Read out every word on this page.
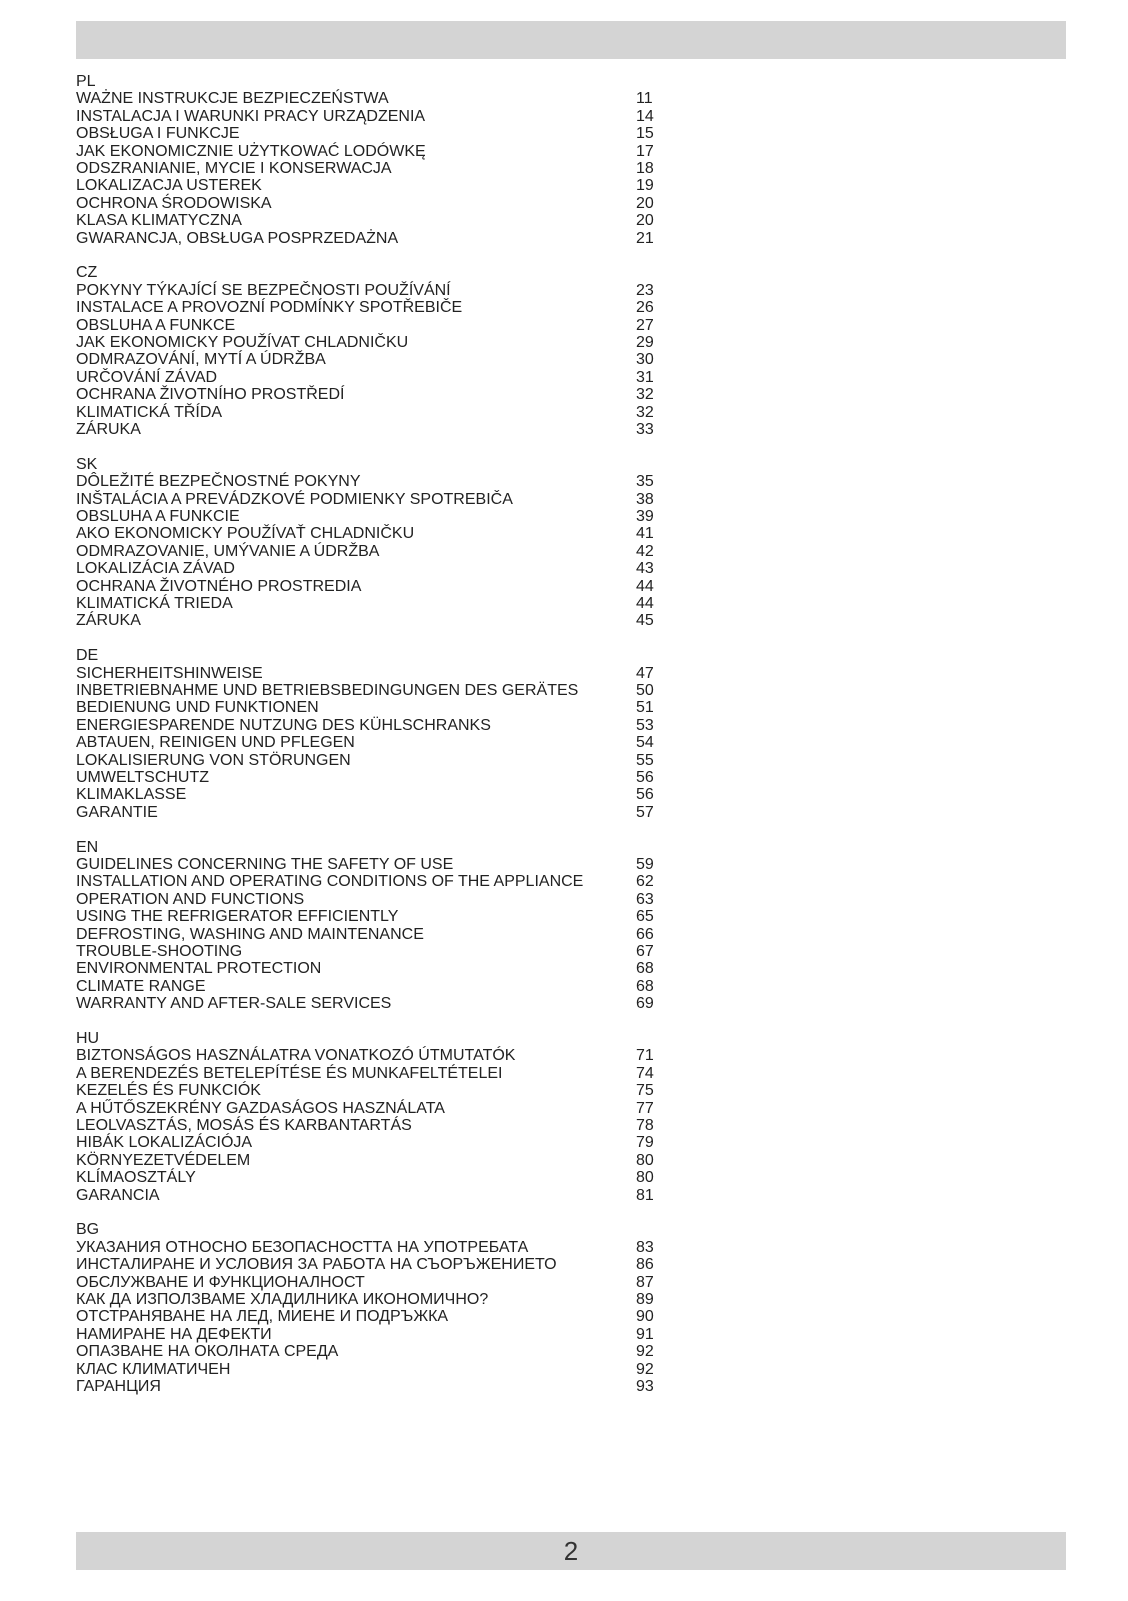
PL
WAŻNE INSTRUKCJE BEZPIECZEŃSTWA	11
INSTALACJA I WARUNKI PRACY URZĄDZENIA	14
OBSŁUGA I FUNKCJE	15
JAK EKONOMICZNIE UŻYTKOWAĆ LODÓWKĘ	17
ODSZRANIANIE, MYCIE I KONSERWACJA	18
LOKALIZACJA USTEREK	19
OCHRONA ŚRODOWISKA	20
KLASA KLIMATYCZNA	20
GWARANCJA, OBSŁUGA POSPRZEDAŻNA	21
CZ
POKYNY TÝKAJÍCÍ SE BEZPEČNOSTI POUŽÍVÁNÍ	23
INSTALACE A PROVOZNÍ PODMÍNKY SPOTŘEBIČE	26
OBSLUHA A FUNKCE	27
JAK EKONOMICKY POUŽÍVAT CHLADNIČKU	29
ODMRAZOVÁNÍ, MYTÍ A ÚDRŽBA	30
URČOVÁNÍ ZÁVAD	31
OCHRANA ŽIVOTNÍHO PROSTŘEDÍ	32
KLIMATICKÁ TŘÍDA	32
ZÁRUKA	33
SK
DÔLEŽITÉ BEZPEČNOSTNÉ POKYNY	35
INŠTALÁCIA A PREVÁDZKOVÉ PODMIENKY SPOTREBIČA	38
OBSLUHA A FUNKCIE	39
AKO EKONOMICKY POUŽÍVAŤ CHLADNIČKU	41
ODMRAZOVANIE, UMÝVANIE A ÚDRŽBA	42
LOKALIZÁCIA ZÁVAD	43
OCHRANA ŽIVOTNÉHO PROSTREDIA	44
KLIMATICKÁ TRIEDA	44
ZÁRUKA	45
DE
SICHERHEITSHINWEISE	47
INBETRIEBNAHME UND BETRIEBSBEDINGUNGEN DES GERÄTES	50
BEDIENUNG UND FUNKTIONEN	51
ENERGIESPARENDE NUTZUNG DES KÜHLSCHRANKS	53
ABTAUEN, REINIGEN UND PFLEGEN	54
LOKALISIERUNG VON STÖRUNGEN	55
UMWELTSCHUTZ	56
KLIMAKLASSE	56
GARANTIE	57
EN
GUIDELINES CONCERNING THE SAFETY OF USE	59
INSTALLATION AND OPERATING CONDITIONS OF THE APPLIANCE	62
OPERATION AND FUNCTIONS	63
USING THE REFRIGERATOR EFFICIENTLY	65
DEFROSTING, WASHING AND MAINTENANCE	66
TROUBLE-SHOOTING	67
ENVIRONMENTAL PROTECTION	68
CLIMATE RANGE	68
WARRANTY AND AFTER-SALE SERVICES	69
HU
BIZTONSÁGOS HASZNÁLATRA VONATKOZÓ ÚTMUTATÓK	71
A BERENDEZÉS BETELEPÍTÉSE ÉS MUNKAFELTÉTELEI	74
KEZELÉS ÉS FUNKCIÓK	75
A HŰTŐSZEKRÉNY GAZDASÁGOS HASZNÁLATA	77
LEOLVASZTÁS, MOSÁS ÉS KARBANTARTÁS	78
HIBÁK LOKALIZÁCIÓJA	79
KÖRNYEZETVÉDELEM	80
KLÍMAOSZTÁLY	80
GARANCIA	81
BG
УКАЗАНИЯ ОТНОСНО БЕЗОПАСНОСТТА НА УПОТРЕБАТА	83
ИНСТАЛИРАНЕ И УСЛОВИЯ ЗА РАБОТА НА СЪОРЪЖЕНИЕТО	86
ОБСЛУЖВАНЕ И ФУНКЦИОНАЛНОСТ	87
КАК ДА ИЗПОЛЗВАМЕ ХЛАДИЛНИКА ИКОНОМИЧНО?	89
ОТСТРАНЯВАНЕ НА ЛЕД, МИЕНЕ И ПОДРЪЖКА	90
НАМИРАНЕ НА ДЕФЕКТИ	91
ОПАЗВАНЕ НА ОКОЛНАТА СРЕДА	92
КЛАС КЛИМАТИЧЕН	92
ГАРАНЦИЯ	93
2
